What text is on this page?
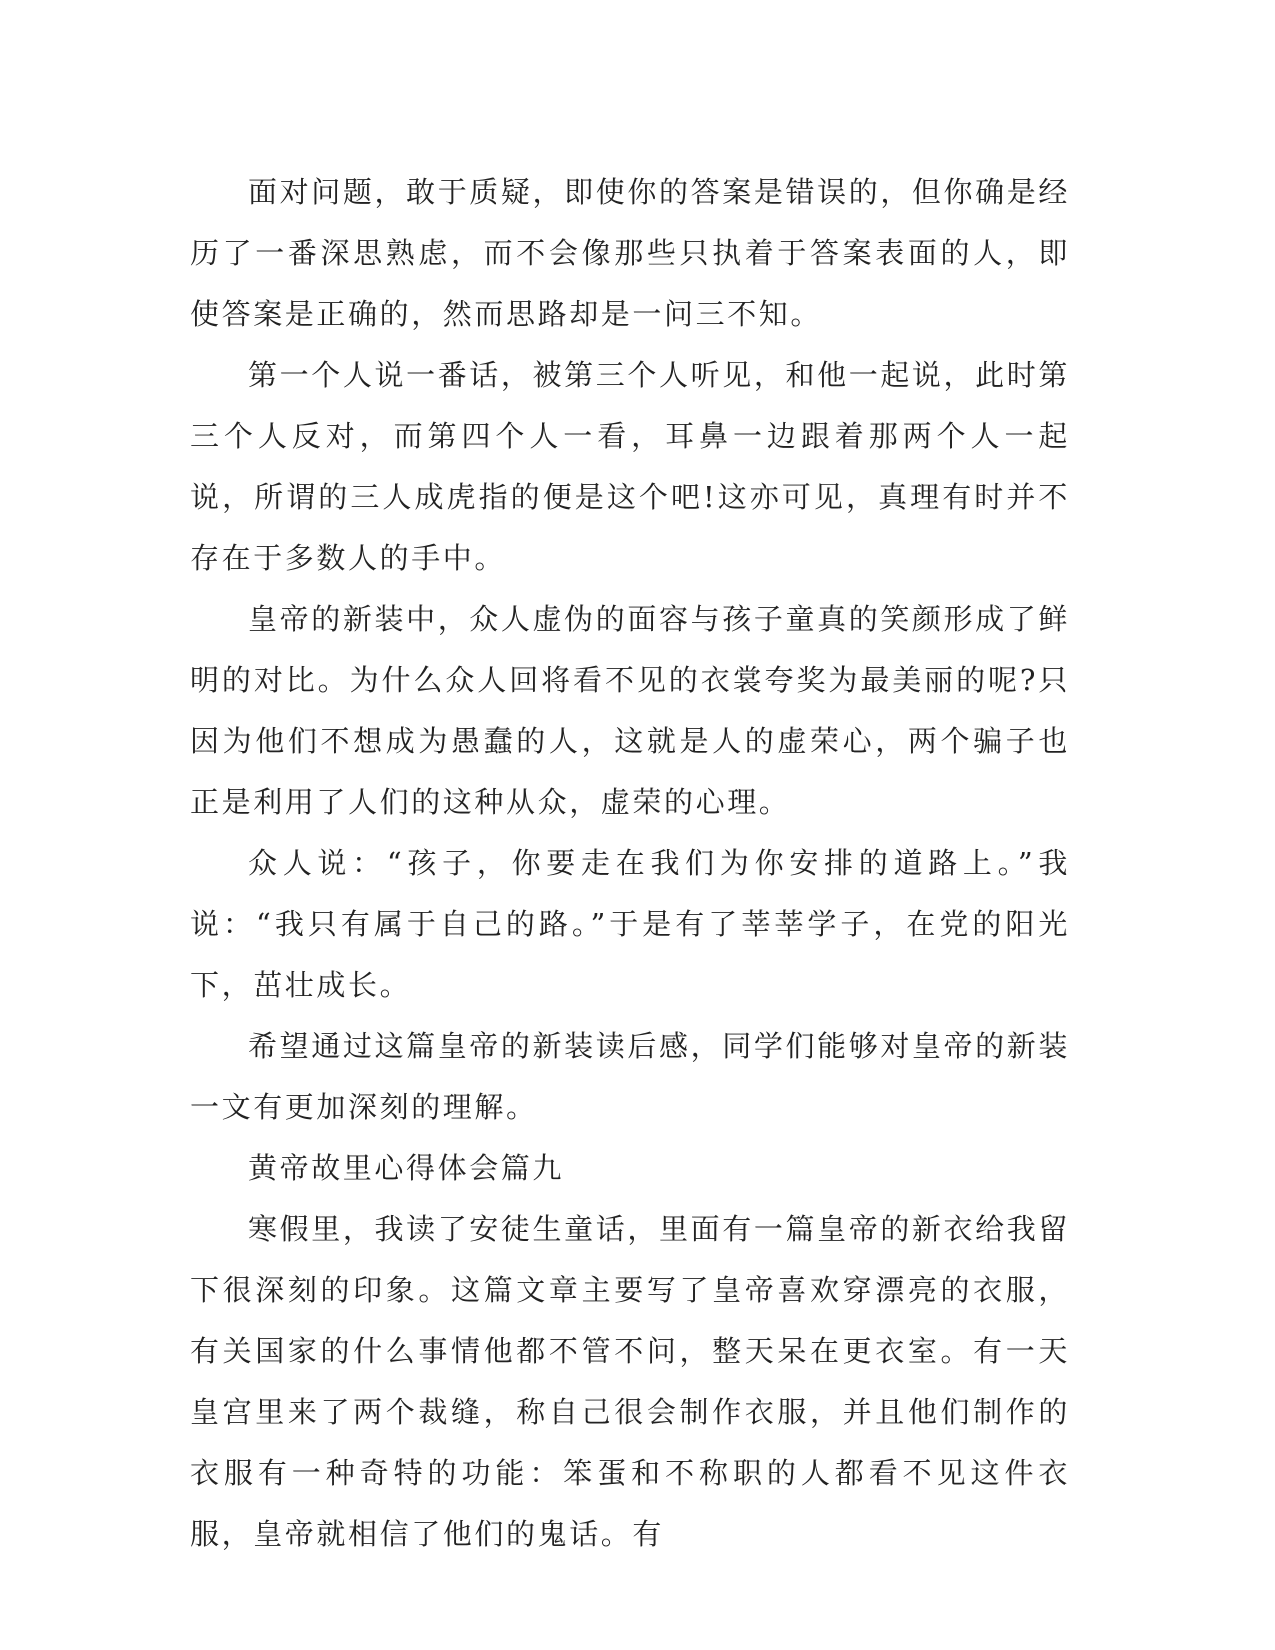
面对问题，敢于质疑，即使你的答案是错误的，但你确是经历了一番深思熟虑，而不会像那些只执着于答案表面的人，即使答案是正确的，然而思路却是一问三不知。

第一个人说一番话，被第三个人听见，和他一起说，此时第三个人反对，而第四个人一看，耳鼻一边跟着那两个人一起说，所谓的三人成虎指的便是这个吧!这亦可见，真理有时并不存在于多数人的手中。

皇帝的新装中，众人虚伪的面容与孩子童真的笑颜形成了鲜明的对比。为什么众人回将看不见的衣裳夸奖为最美丽的呢?只因为他们不想成为愚蠢的人，这就是人的虚荣心，两个骗子也正是利用了人们的这种从众，虚荣的心理。

众人说：“孩子，你要走在我们为你安排的道路上。”我说：“我只有属于自己的路。”于是有了莘莘学子，在党的阳光下，茁壮成长。

希望通过这篇皇帝的新装读后感，同学们能够对皇帝的新装一文有更加深刻的理解。

黄帝故里心得体会篇九

寒假里，我读了安徒生童话，里面有一篇皇帝的新衣给我留下很深刻的印象。这篇文章主要写了皇帝喜欢穿漂亮的衣服，有关国家的什么事情他都不管不问，整天呆在更衣室。有一天皇宫里来了两个裁缝，称自己很会制作衣服，并且他们制作的衣服有一种奇特的功能：笨蛋和不称职的人都看不见这件衣服，皇帝就相信了他们的鬼话。有
